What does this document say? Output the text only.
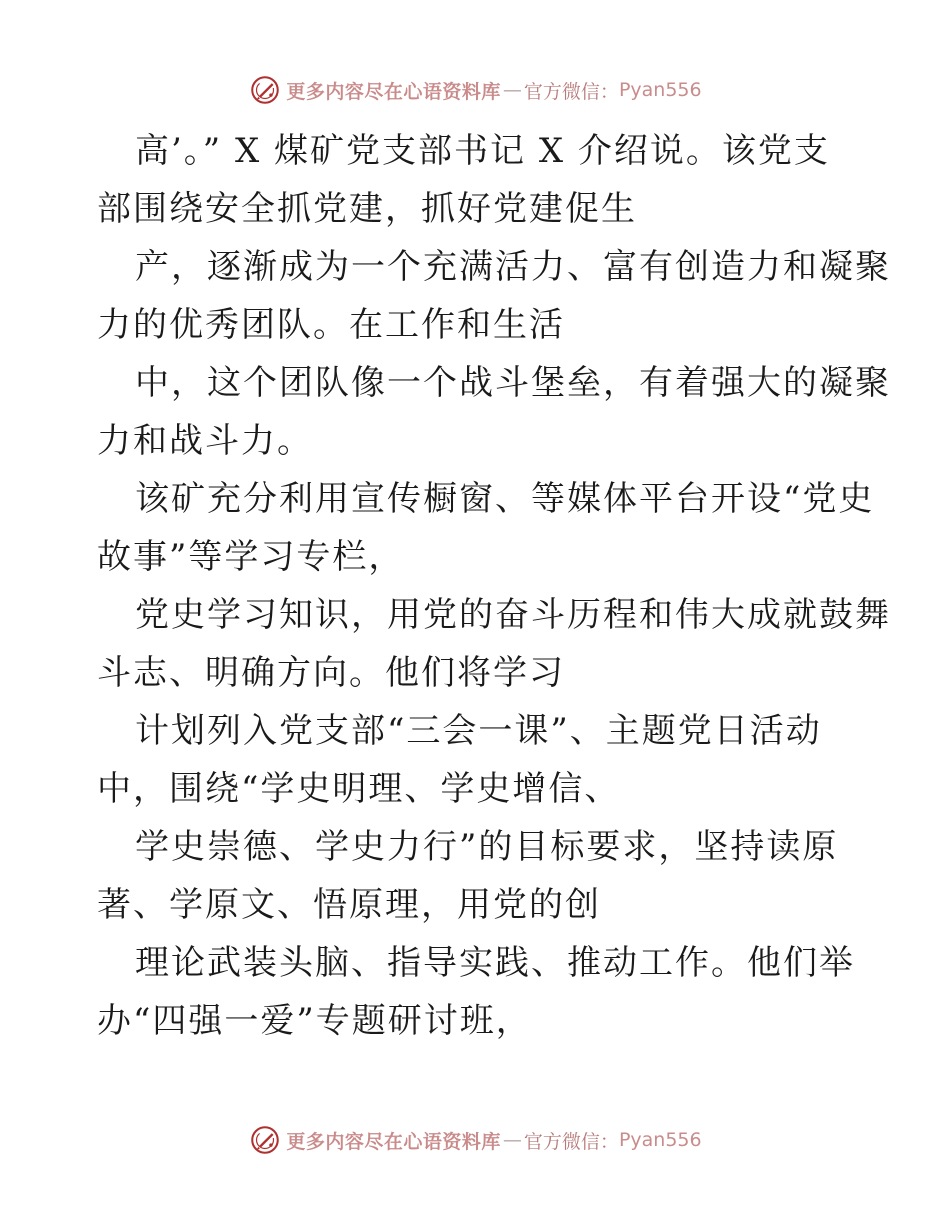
更多内容尽在心语资料库 — 官方微信： Pyan556
高’。” X 煤矿党支部书记 X 介绍说。该党支
部围绕安全抓党建，抓好党建促生
产，逐渐成为一个充满活力、富有创造力和凝聚
力的优秀团队。在工作和生活
中，这个团队像一个战斗堡垒，有着强大的凝聚
力和战斗力。
该矿充分利用宣传橱窗、等媒体平台开设“党史
故事”等学习专栏，
党史学习知识，用党的奋斗历程和伟大成就鼓舞
斗志、明确方向。他们将学习
计划列入党支部“三会一课”、主题党日活动
中，围绕“学史明理、学史增信、
学史崇德、学史力行”的目标要求，坚持读原
著、学原文、悟原理，用党的创
理论武装头脑、指导实践、推动工作。他们举
办“四强一爱”专题研讨班，
更多内容尽在心语资料库 — 官方微信： Pyan556
